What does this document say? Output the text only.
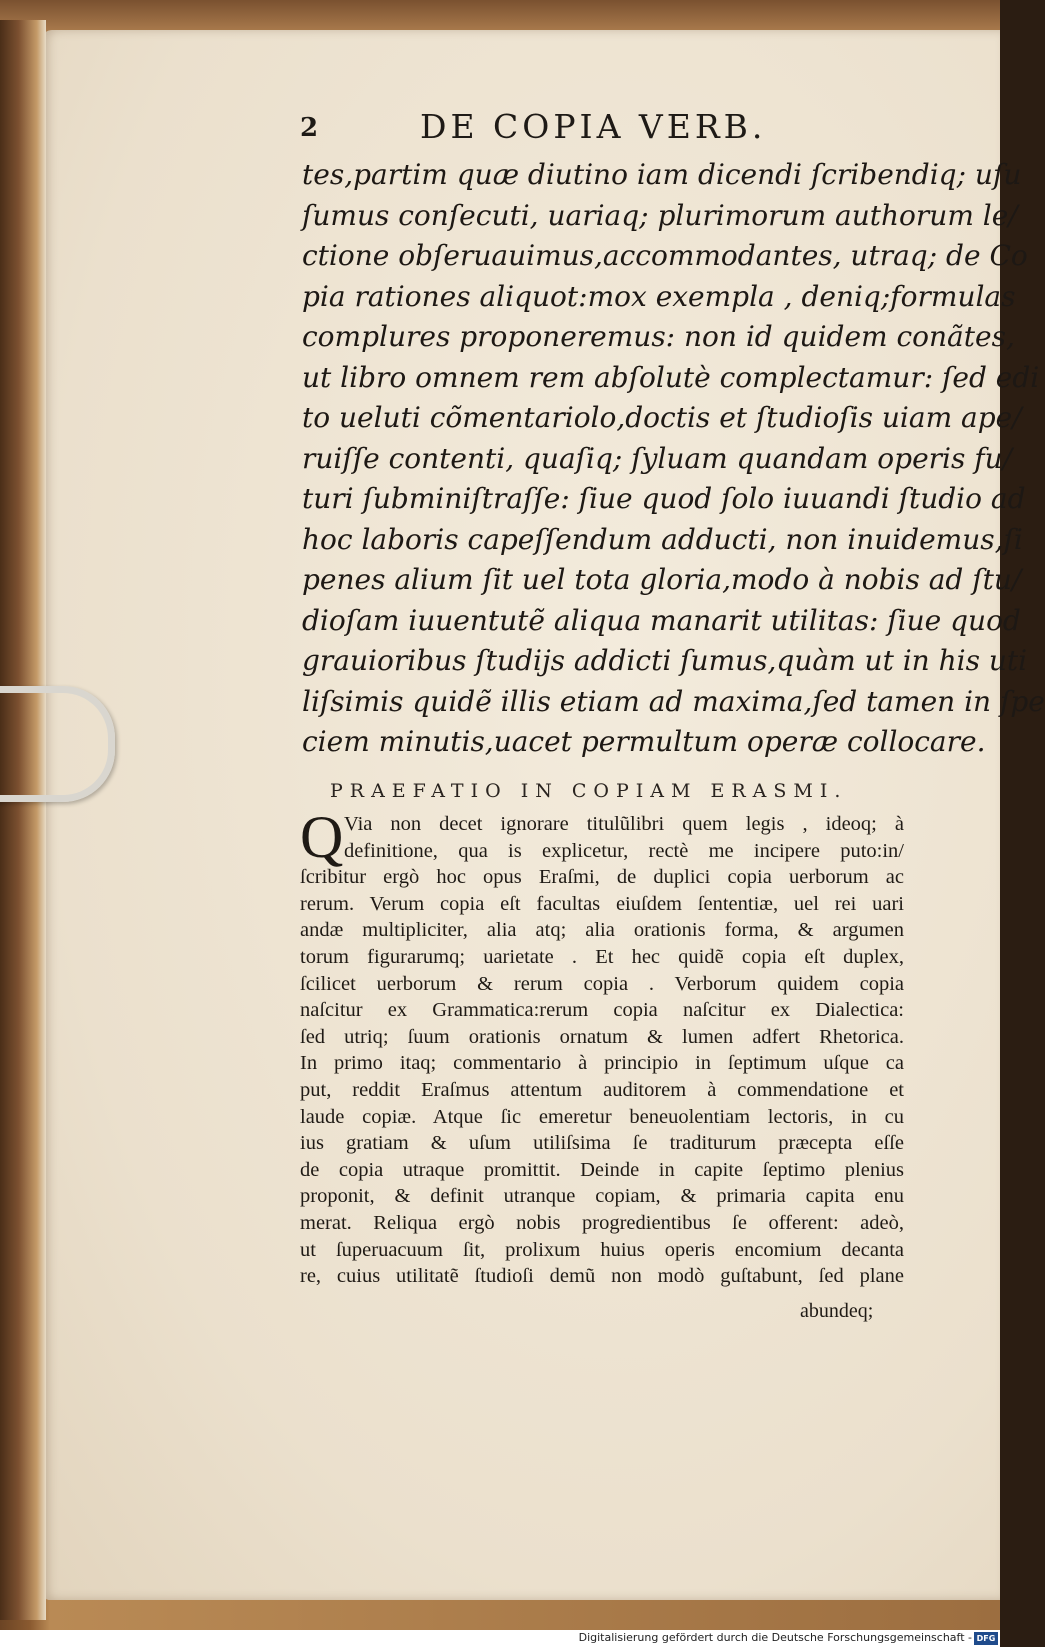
2	DE COPIA VERB.
tes,partim quæ diutino iam dicendi ſcribendiq; uſu
ſumus conſecuti, uariaq; plurimorum authorum le/
ctione obſeruauimus,accommodantes, utraq; de Co
pia rationes aliquot:mox exempla , deniq;formulas
complures proponeremus: non id quidem conãtes,
ut libro omnem rem abſolutè complectamur: ſed edi
to ueluti cõmentariolo,doctis et ſtudioſis uiam ape/
ruiſſe contenti, quaſiq; ſyluam quandam operis fu/
turi ſubminiſtraſſe: ſiue quod ſolo iuuandi ſtudio ad
hoc laboris capeſſendum adducti, non inuidemus,ſi
penes alium ſit uel tota gloria,modo à nobis ad ſtu/
dioſam iuuentutẽ aliqua manarit utilitas: ſiue quod
grauioribus ſtudijs addicti ſumus,quàm ut in his uti
liſsimis quidẽ illis etiam ad maxima,ſed tamen in ſpe
ciem minutis,uacet permultum operæ collocare.
PRAEFATIO IN COPIAM ERASMI.
Q Via non decet ignorare titulũlibri quem legis , ideoq; à
definitione, qua is explicetur, rectè me incipere puto:in/
ſcribitur ergò hoc opus Eraſmi, de duplici copia uerborum ac
rerum. Verum copia eſt facultas eiuſdem ſententiæ, uel rei uari
andæ multipliciter, alia atq; alia orationis forma, & argumen
torum figurarumq; uarietate . Et hec quidẽ copia eſt duplex,
ſcilicet uerborum & rerum copia . Verborum quidem copia
naſcitur ex Grammatica:rerum copia naſcitur ex Dialectica:
ſed utriq; ſuum orationis ornatum & lumen adfert Rhetorica.
In primo itaq; commentario à principio in ſeptimum uſque ca
put, reddit Eraſmus attentum auditorem à commendatione et
laude copiæ. Atque ſic emeretur beneuolentiam lectoris, in cu
ius gratiam & uſum utiliſsima ſe traditurum præcepta eſſe
de copia utraque promittit. Deinde in capite ſeptimo plenius
proponit, & definit utranque copiam, & primaria capita enu
merat. Reliqua ergò nobis progredientibus ſe offerent: adeò,
ut ſuperuacuum ſit, prolixum huius operis encomium decanta
re, cuius utilitatẽ ſtudioſi demũ non modò guſtabunt, ſed plane
abundeq;
Digitalisierung gefördert durch die Deutsche Forschungsgemeinschaft - DFG
